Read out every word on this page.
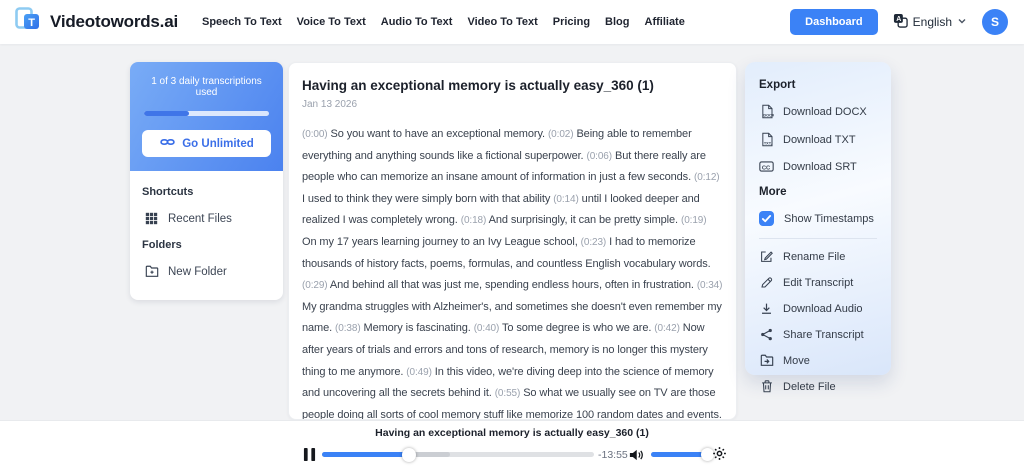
T Videotowords.ai Speech To Text Voice To Text Audio To Text Video To Text Pricing Blog Affiliate	Dashboard	A English	S
1 of 3 daily transcriptions used
Go Unlimited
Shortcuts
Recent Files
Folders
New Folder
Having an exceptional memory is actually easy_360 (1)
Jan 13 2026
(0:00) So you want to have an exceptional memory. (0:02) Being able to remember everything and anything sounds like a fictional superpower. (0:06) But there really are people who can memorize an insane amount of information in just a few seconds. (0:12) I used to think they were simply born with that ability (0:14) until I looked deeper and realized I was completely wrong. (0:18) And surprisingly, it can be pretty simple. (0:19) On my 17 years learning journey to an Ivy League school, (0:23) I had to memorize thousands of history facts, poems, formulas, and countless English vocabulary words. (0:29) And behind all that was just me, spending endless hours, often in frustration. (0:34) My grandma struggles with Alzheimer's, and sometimes she doesn't even remember my name. (0:38) Memory is fascinating. (0:40) To some degree is who we are. (0:42) Now after years of trials and errors and tons of research, memory is no longer this mystery thing to me anymore. (0:49) In this video, we're diving deep into the science of memory and uncovering all the secrets behind it. (0:55) So what we usually see on TV are those people doing all sorts of cool memory stuff like memorize 100 random dates and events.
Export
DOCX Download DOCX
TXT. Download TXT
CC Download SRT
More
Show Timestamps
Rename File
Edit Transcript
Download Audio
Share Transcript
Move
Delete File
Having an exceptional memory is actually easy_360 (1)
-13:55
